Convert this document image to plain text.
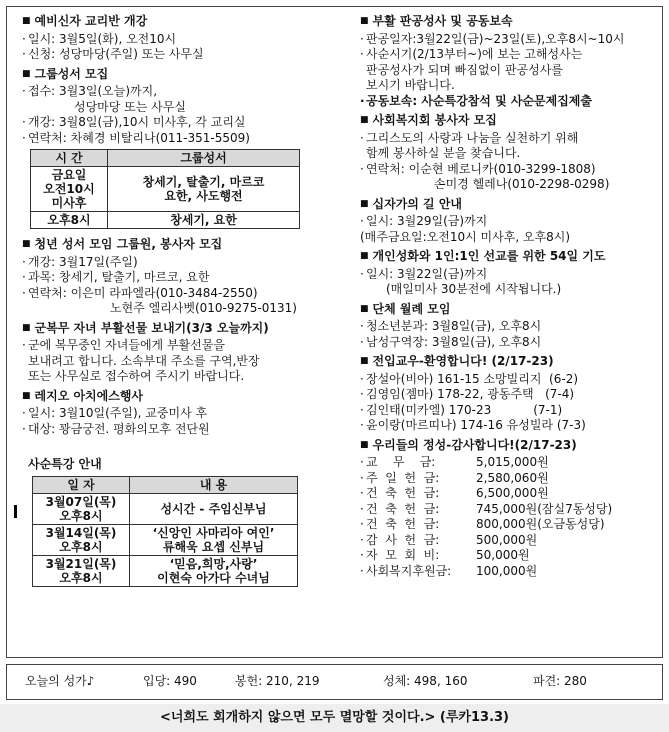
■ 예비신자 교리반 개강
· 일시: 3월5일(화), 오전10시
· 신청: 성당마당(주일) 또는 사무실
■ 그룹성서 모집
· 접수: 3월3일(오늘)까지,
성당마당 또는 사무실
· 개강: 3월8일(금),10시 미사후, 각 교리실
· 연락처: 차혜경 비탈리나(011-351-5509)
시 간	그룹성서
금요일
오전10시
미사후	창세기, 탈출기, 마르코
요한, 사도행전
오후8시	창세기, 요한
■ 청년 성서 모임 그룹원, 봉사자 모집
· 개강: 3월17일(주일)
· 과목: 창세기, 탈출기, 마르코, 요한
· 연락처: 이은미 라파엘라(010-3484-2550)
노현주 엘리사벳(010-9275-0131)
■ 군복무 자녀 부활선물 보내기(3/3 오늘까지)
· 군에 복무중인 자녀들에게 부활선물을
보내려고 합니다. 소속부대 주소를 구역,반장
또는 사무실로 접수하여 주시기 바랍니다.
■ 레지오 아치에스행사
· 일시: 3월10일(주일), 교중미사 후
· 대상: 꽝금궁전. 평화의모후 전단원
사순특강 안내
일 자	내 용
3월07일(목)
오후8시	성시간 - 주임신부님
3월14일(목)
오후8시	‘신앙인 사마리아 여인’
류해욱 요셉 신부님
3월21일(목)
오후8시	‘믿음,희망,사랑’
이현숙 아가다 수녀님
■ 부활 판공성사 및 공동보속
· 판공일자:3월22일(금)~23일(토),오후8시~10시
· 사순시기(2/13부터~)에 보는 고해성사는
판공성사가 되며 빠짐없이 판공성사를
보시기 바랍니다.
· 공동보속: 사순특강참석 및 사순문제집제출
■ 사회복지회 봉사자 모집
· 그리스도의 사랑과 나눔을 실천하기 위해
함께 봉사하실 분을 찾습니다.
· 연락처: 이순현 베로니카(010-3299-1808)
손미경 헬레나(010-2298-0298)
■ 십자가의 길 안내
· 일시: 3월29일(금)까지
(매주금요일:오전10시 미사후, 오후8시)
■ 개인성화와 1인:1인 선교를 위한 54일 기도
· 일시: 3월22일(금)까지
(매일미사 30분전에 시작됩니다.)
■ 단체 월례 모임
· 청소년분과: 3월8일(금), 오후8시
· 남성구역장: 3월8일(금), 오후8시
■ 전입교우-환영합니다! (2/17-23)
· 장설아(비아) 161-15 소망빌리지  (6-2)
· 김영임(젬마) 178-22, 광동주택   (7-4)
· 김인태(미카엘) 170-23           (7-1)
· 윤이랑(마르띠나) 174-16 유성빌라 (7-3)
■ 우리들의 정성-감사합니다!(2/17-23)
· 교    무    금:	5,015,000원
· 주  일  헌  금:	2,580,060원
· 건  축  헌  금:	6,500,000원
· 건  축  헌  금:	745,000원(잠실7동성당)
· 건  축  헌  금:	800,000원(오금동성당)
· 감  사  헌  금:	500,000원
· 자  모  회  비:	50,000원
· 사회복지후원금:	100,000원
오늘의 성가♪	입당: 490	봉헌: 210, 219	성체: 498, 160	파견: 280
<너희도 회개하지 않으면 모두 멸망할 것이다.> (루카13.3)
